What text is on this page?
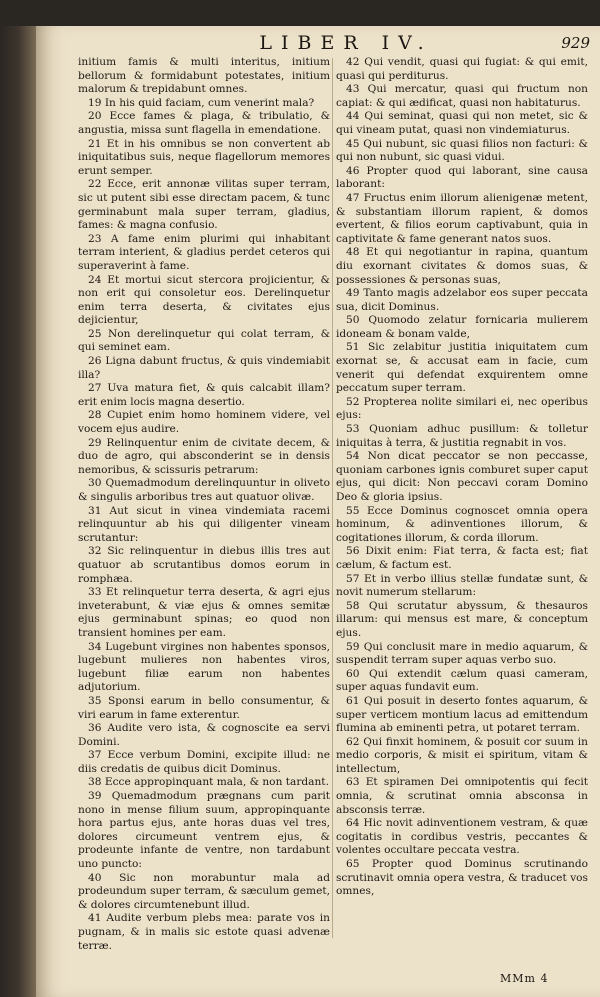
LIBER IV.	929

initium famis & multi interitus, initium bellorum & formidabunt potestates, initium malorum & trepidabunt omnes.

19 In his quid faciam, cum venerint mala?

20 Ecce fames & plaga, & tribulatio, & angustia, missa sunt flagella in emendatione.

21 Et in his omnibus se non convertent ab iniquitatibus suis, neque flagellorum memores erunt semper.

22 Ecce, erit annonæ vilitas super terram, sic ut putent sibi esse directam pacem, & tunc germinabunt mala super terram, gladius, fames: & magna confusio.

23 A fame enim plurimi qui inhabitant terram interient, & gladius perdet ceteros qui superaverint à fame.

24 Et mortui sicut stercora projicientur, & non erit qui consoletur eos. Derelinquetur enim terra deserta, & civitates ejus dejicientur,

25 Non derelinquetur qui colat terram, & qui seminet eam.

26 Ligna dabunt fructus, & quis vindemiabit illa?

27 Uva matura fiet, & quis calcabit illam? erit enim locis magna desertio.

28 Cupiet enim homo hominem videre, vel vocem ejus audire.

29 Relinquentur enim de civitate decem, & duo de agro, qui absconderint se in densis nemoribus, & scissuris petrarum:

30 Quemadmodum derelinquuntur in oliveto & singulis arboribus tres aut quatuor olivæ.

31 Aut sicut in vinea vindemiata racemi relinquuntur ab his qui diligenter vineam scrutantur:

32 Sic relinquentur in diebus illis tres aut quatuor ab scrutantibus domos eorum in romphæa.

33 Et relinquetur terra deserta, & agri ejus inveterabunt, & viæ ejus & omnes semitæ ejus germinabunt spinas; eo quod non transient homines per eam.

34 Lugebunt virgines non habentes sponsos, lugebunt mulieres non habentes viros, lugebunt filiæ earum non habentes adjutorium.

35 Sponsi earum in bello consumentur, & viri earum in fame exterentur.

36 Audite vero ista, & cognoscite ea servi Domini.

37 Ecce verbum Domini, excipite illud: ne diis credatis de quibus dicit Dominus.

38 Ecce appropinquant mala, & non tardant.

39 Quemadmodum prægnans cum parit nono in mense filium suum, appropinquante hora partus ejus, ante horas duas vel tres, dolores circumeunt ventrem ejus, & prodeunte infante de ventre, non tardabunt uno puncto:

40 Sic non morabuntur mala ad prodeundum super terram, & sæculum gemet, & dolores circumtenebunt illud.

41 Audite verbum plebs mea: parate vos in pugnam, & in malis sic estote quasi advenæ terræ.

42 Qui vendit, quasi qui fugiat: & qui emit, quasi qui perditurus.

43 Qui mercatur, quasi qui fructum non capiat: & qui ædificat, quasi non habitaturus.

44 Qui seminat, quasi qui non metet, sic & qui vineam putat, quasi non vindemiaturus.

45 Qui nubunt, sic quasi filios non facturi: & qui non nubunt, sic quasi vidui.

46 Propter quod qui laborant, sine causa laborant:

47 Fructus enim illorum alienigenæ metent, & substantiam illorum rapient, & domos evertent, & filios eorum captivabunt, quia in captivitate & fame generant natos suos.

48 Et qui negotiantur in rapina, quantum diu exornant civitates & domos suas, & possessiones & personas suas,

49 Tanto magis adzelabor eos super peccata sua, dicit Dominus.

50 Quomodo zelatur fornicaria mulierem idoneam & bonam valde,

51 Sic zelabitur justitia iniquitatem cum exornat se, & accusat eam in facie, cum venerit qui defendat exquirentem omne peccatum super terram.

52 Propterea nolite similari ei, nec operibus ejus:

53 Quoniam adhuc pusillum: & tolletur iniquitas à terra, & justitia regnabit in vos.

54 Non dicat peccator se non peccasse, quoniam carbones ignis comburet super caput ejus, qui dicit: Non peccavi coram Domino Deo & gloria ipsius.

55 Ecce Dominus cognoscet omnia opera hominum, & adinventiones illorum, & cogitationes illorum, & corda illorum.

56 Dixit enim: Fiat terra, & facta est; fiat cælum, & factum est.

57 Et in verbo illius stellæ fundatæ sunt, & novit numerum stellarum:

58 Qui scrutatur abyssum, & thesauros illarum: qui mensus est mare, & conceptum ejus.

59 Qui conclusit mare in medio aquarum, & suspendit terram super aquas verbo suo.

60 Qui extendit cælum quasi cameram, super aquas fundavit eum.

61 Qui posuit in deserto fontes aquarum, & super verticem montium lacus ad emittendum flumina ab eminenti petra, ut potaret terram.

62 Qui finxit hominem, & posuit cor suum in medio corporis, & misit ei spiritum, vitam & intellectum,

63 Et spiramen Dei omnipotentis qui fecit omnia, & scrutinat omnia absconsa in absconsis terræ.

64 Hic novit adinventionem vestram, & quæ cogitatis in cordibus vestris, peccantes & volentes occultare peccata vestra.

65 Propter quod Dominus scrutinando scrutinavit omnia opera vestra, & traducet vos omnes,

MMm 4
